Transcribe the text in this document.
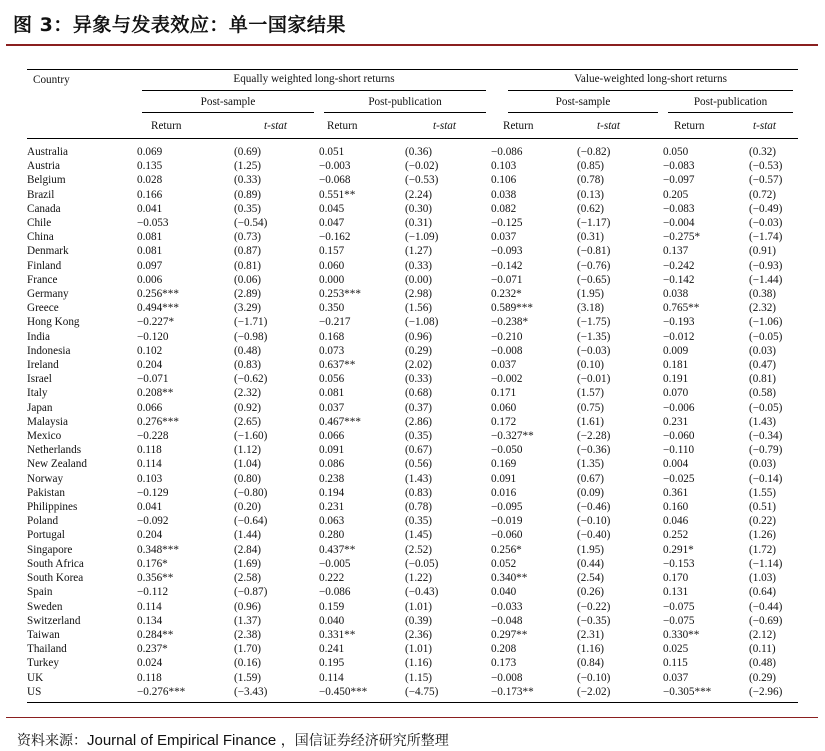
图 3：异象与发表效应：单一国家结果

Country	Equally weighted long-short returns				Value-weighted long-short returns			
	Post-sample		Post-publication		Post-sample		Post-publication	
	Return	t-stat	Return	t-stat	Return	t-stat	Return	t-stat

Australia	0.069	(0.69)	0.051	(0.36)	−0.086	(−0.82)	0.050	(0.32)
Austria	0.135	(1.25)	−0.003	(−0.02)	0.103	(0.85)	−0.083	(−0.53)
Belgium	0.028	(0.33)	−0.068	(−0.53)	0.106	(0.78)	−0.097	(−0.57)
Brazil	0.166	(0.89)	0.551**	(2.24)	0.038	(0.13)	0.205	(0.72)
Canada	0.041	(0.35)	0.045	(0.30)	0.082	(0.62)	−0.083	(−0.49)
Chile	−0.053	(−0.54)	0.047	(0.31)	−0.125	(−1.17)	−0.004	(−0.03)
China	0.081	(0.73)	−0.162	(−1.09)	0.037	(0.31)	−0.275*	(−1.74)
Denmark	0.081	(0.87)	0.157	(1.27)	−0.093	(−0.81)	0.137	(0.91)
Finland	0.097	(0.81)	0.060	(0.33)	−0.142	(−0.76)	−0.242	(−0.93)
France	0.006	(0.06)	0.000	(0.00)	−0.071	(−0.65)	−0.142	(−1.44)
Germany	0.256***	(2.89)	0.253***	(2.98)	0.232*	(1.95)	0.038	(0.38)
Greece	0.494***	(3.29)	0.350	(1.56)	0.589***	(3.18)	0.765**	(2.32)
Hong Kong	−0.227*	(−1.71)	−0.217	(−1.08)	−0.238*	(−1.75)	−0.193	(−1.06)
India	−0.120	(−0.98)	0.168	(0.96)	−0.210	(−1.35)	−0.012	(−0.05)
Indonesia	0.102	(0.48)	0.073	(0.29)	−0.008	(−0.03)	0.009	(0.03)
Ireland	0.204	(0.83)	0.637**	(2.02)	0.037	(0.10)	0.181	(0.47)
Israel	−0.071	(−0.62)	0.056	(0.33)	−0.002	(−0.01)	0.191	(0.81)
Italy	0.208**	(2.32)	0.081	(0.68)	0.171	(1.57)	0.070	(0.58)
Japan	0.066	(0.92)	0.037	(0.37)	0.060	(0.75)	−0.006	(−0.05)
Malaysia	0.276***	(2.65)	0.467***	(2.86)	0.172	(1.61)	0.231	(1.43)
Mexico	−0.228	(−1.60)	0.066	(0.35)	−0.327**	(−2.28)	−0.060	(−0.34)
Netherlands	0.118	(1.12)	0.091	(0.67)	−0.050	(−0.36)	−0.110	(−0.79)
New Zealand	0.114	(1.04)	0.086	(0.56)	0.169	(1.35)	0.004	(0.03)
Norway	0.103	(0.80)	0.238	(1.43)	0.091	(0.67)	−0.025	(−0.14)
Pakistan	−0.129	(−0.80)	0.194	(0.83)	0.016	(0.09)	0.361	(1.55)
Philippines	0.041	(0.20)	0.231	(0.78)	−0.095	(−0.46)	0.160	(0.51)
Poland	−0.092	(−0.64)	0.063	(0.35)	−0.019	(−0.10)	0.046	(0.22)
Portugal	0.204	(1.44)	0.280	(1.45)	−0.060	(−0.40)	0.252	(1.26)
Singapore	0.348***	(2.84)	0.437**	(2.52)	0.256*	(1.95)	0.291*	(1.72)
South Africa	0.176*	(1.69)	−0.005	(−0.05)	0.052	(0.44)	−0.153	(−1.14)
South Korea	0.356**	(2.58)	0.222	(1.22)	0.340**	(2.54)	0.170	(1.03)
Spain	−0.112	(−0.87)	−0.086	(−0.43)	0.040	(0.26)	0.131	(0.64)
Sweden	0.114	(0.96)	0.159	(1.01)	−0.033	(−0.22)	−0.075	(−0.44)
Switzerland	0.134	(1.37)	0.040	(0.39)	−0.048	(−0.35)	−0.075	(−0.69)
Taiwan	0.284**	(2.38)	0.331**	(2.36)	0.297**	(2.31)	0.330**	(2.12)
Thailand	0.237*	(1.70)	0.241	(1.01)	0.208	(1.16)	0.025	(0.11)
Turkey	0.024	(0.16)	0.195	(1.16)	0.173	(0.84)	0.115	(0.48)
UK	0.118	(1.59)	0.114	(1.15)	−0.008	(−0.10)	0.037	(0.29)
US	−0.276***	(−3.43)	−0.450***	(−4.75)	−0.173**	(−2.02)	−0.305***	(−2.96)
资料来源：Journal of Empirical Finance ，国信证券经济研究所整理
